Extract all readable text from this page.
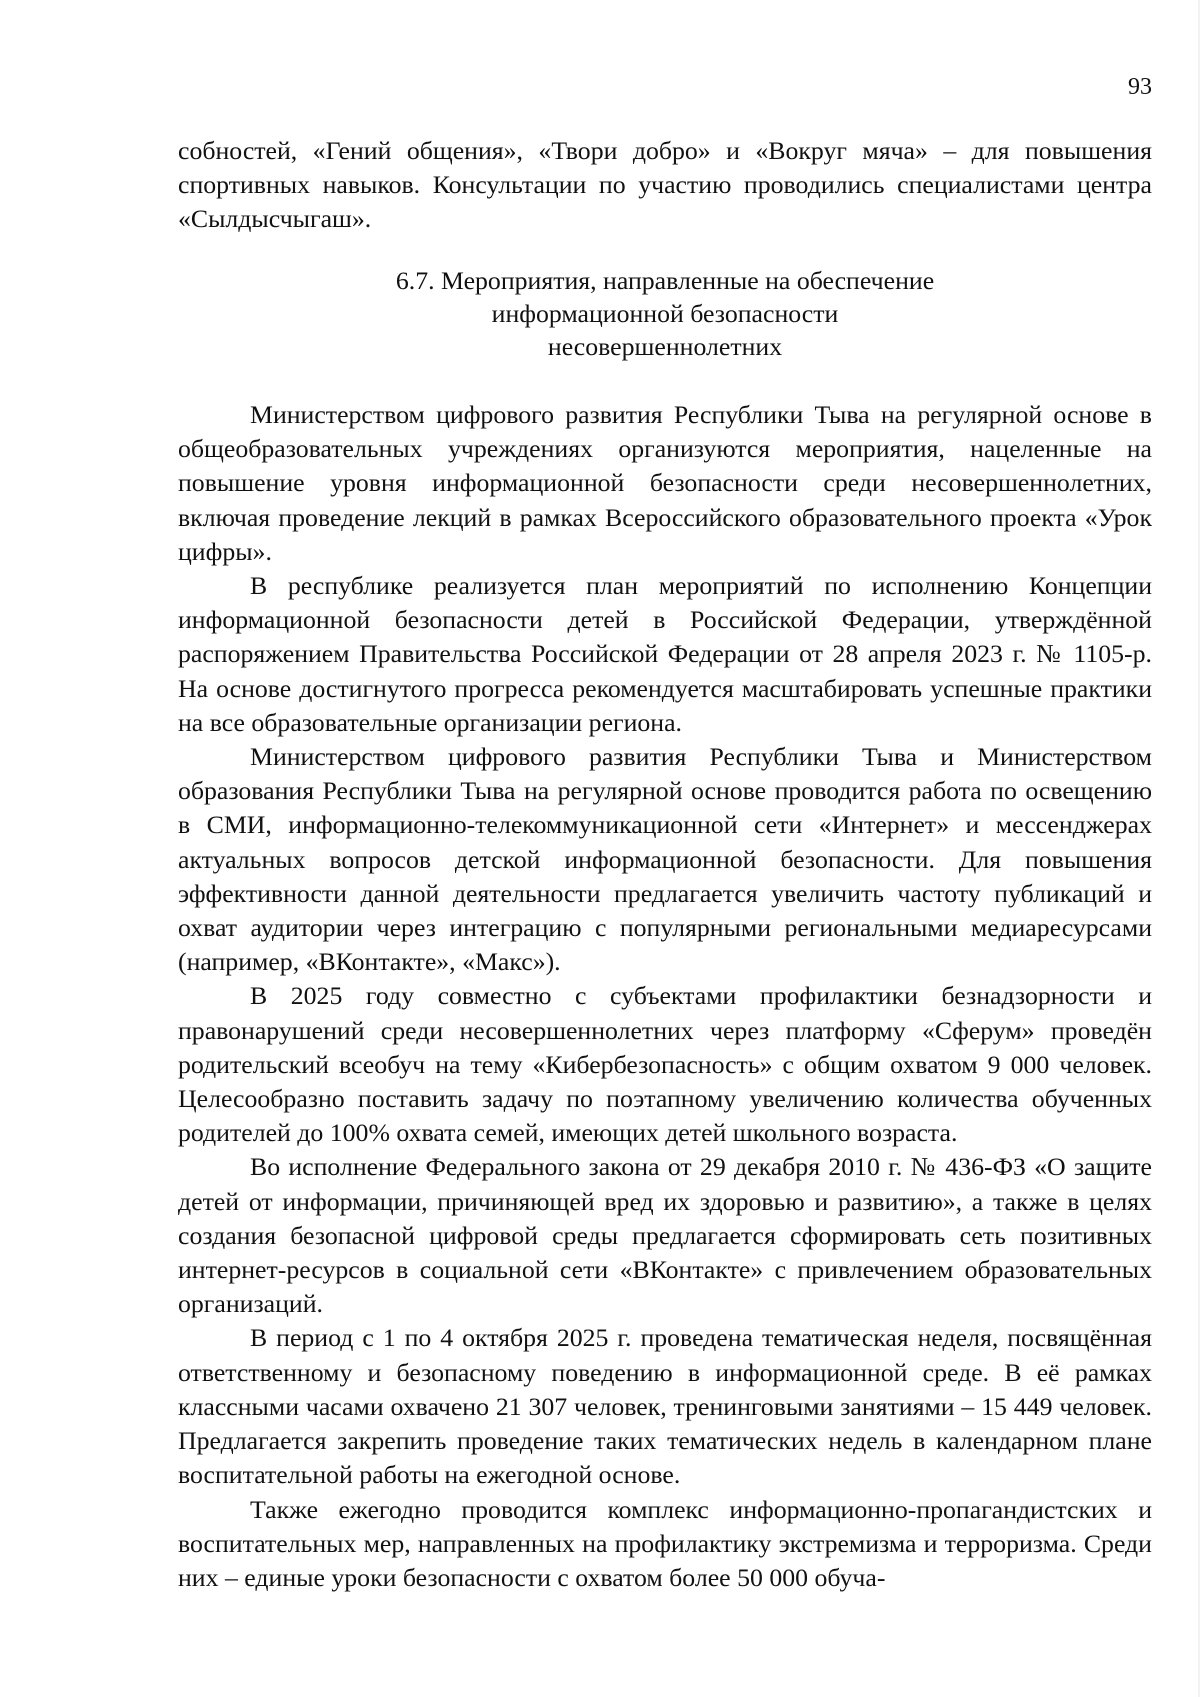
93

собностей, «Гений общения», «Твори добро» и «Вокруг мяча» – для повышения спортивных навыков. Консультации по участию проводились специалистами центра «Сылдысчыгаш».

6.7. Мероприятия, направленные на обеспечение
информационной безопасности
несовершеннолетних

Министерством цифрового развития Республики Тыва на регулярной основе в общеобразовательных учреждениях организуются мероприятия, нацеленные на повышение уровня информационной безопасности среди несовершеннолетних, включая проведение лекций в рамках Всероссийского образовательного проекта «Урок цифры».

В республике реализуется план мероприятий по исполнению Концепции информационной безопасности детей в Российской Федерации, утверждённой распоряжением Правительства Российской Федерации от 28 апреля 2023 г. № 1105-р. На основе достигнутого прогресса рекомендуется масштабировать успешные практики на все образовательные организации региона.

Министерством цифрового развития Республики Тыва и Министерством образования Республики Тыва на регулярной основе проводится работа по освещению в СМИ, информационно-телекоммуникационной сети «Интернет» и мессенджерах актуальных вопросов детской информационной безопасности. Для повышения эффективности данной деятельности предлагается увеличить частоту публикаций и охват аудитории через интеграцию с популярными региональными медиаресурсами (например, «ВКонтакте», «Макс»).

В 2025 году совместно с субъектами профилактики безнадзорности и правонарушений среди несовершеннолетних через платформу «Сферум» проведён родительский всеобуч на тему «Кибербезопасность» с общим охватом 9 000 человек. Целесообразно поставить задачу по поэтапному увеличению количества обученных родителей до 100% охвата семей, имеющих детей школьного возраста.

Во исполнение Федерального закона от 29 декабря 2010 г. № 436-ФЗ «О защите детей от информации, причиняющей вред их здоровью и развитию», а также в целях создания безопасной цифровой среды предлагается сформировать сеть позитивных интернет-ресурсов в социальной сети «ВКонтакте» с привлечением образовательных организаций.

В период с 1 по 4 октября 2025 г. проведена тематическая неделя, посвящённая ответственному и безопасному поведению в информационной среде. В её рамках классными часами охвачено 21 307 человек, тренинговыми занятиями – 15 449 человек. Предлагается закрепить проведение таких тематических недель в календарном плане воспитательной работы на ежегодной основе.

Также ежегодно проводится комплекс информационно-пропагандистских и воспитательных мер, направленных на профилактику экстремизма и терроризма. Среди них – единые уроки безопасности с охватом более 50 000 обуча-
